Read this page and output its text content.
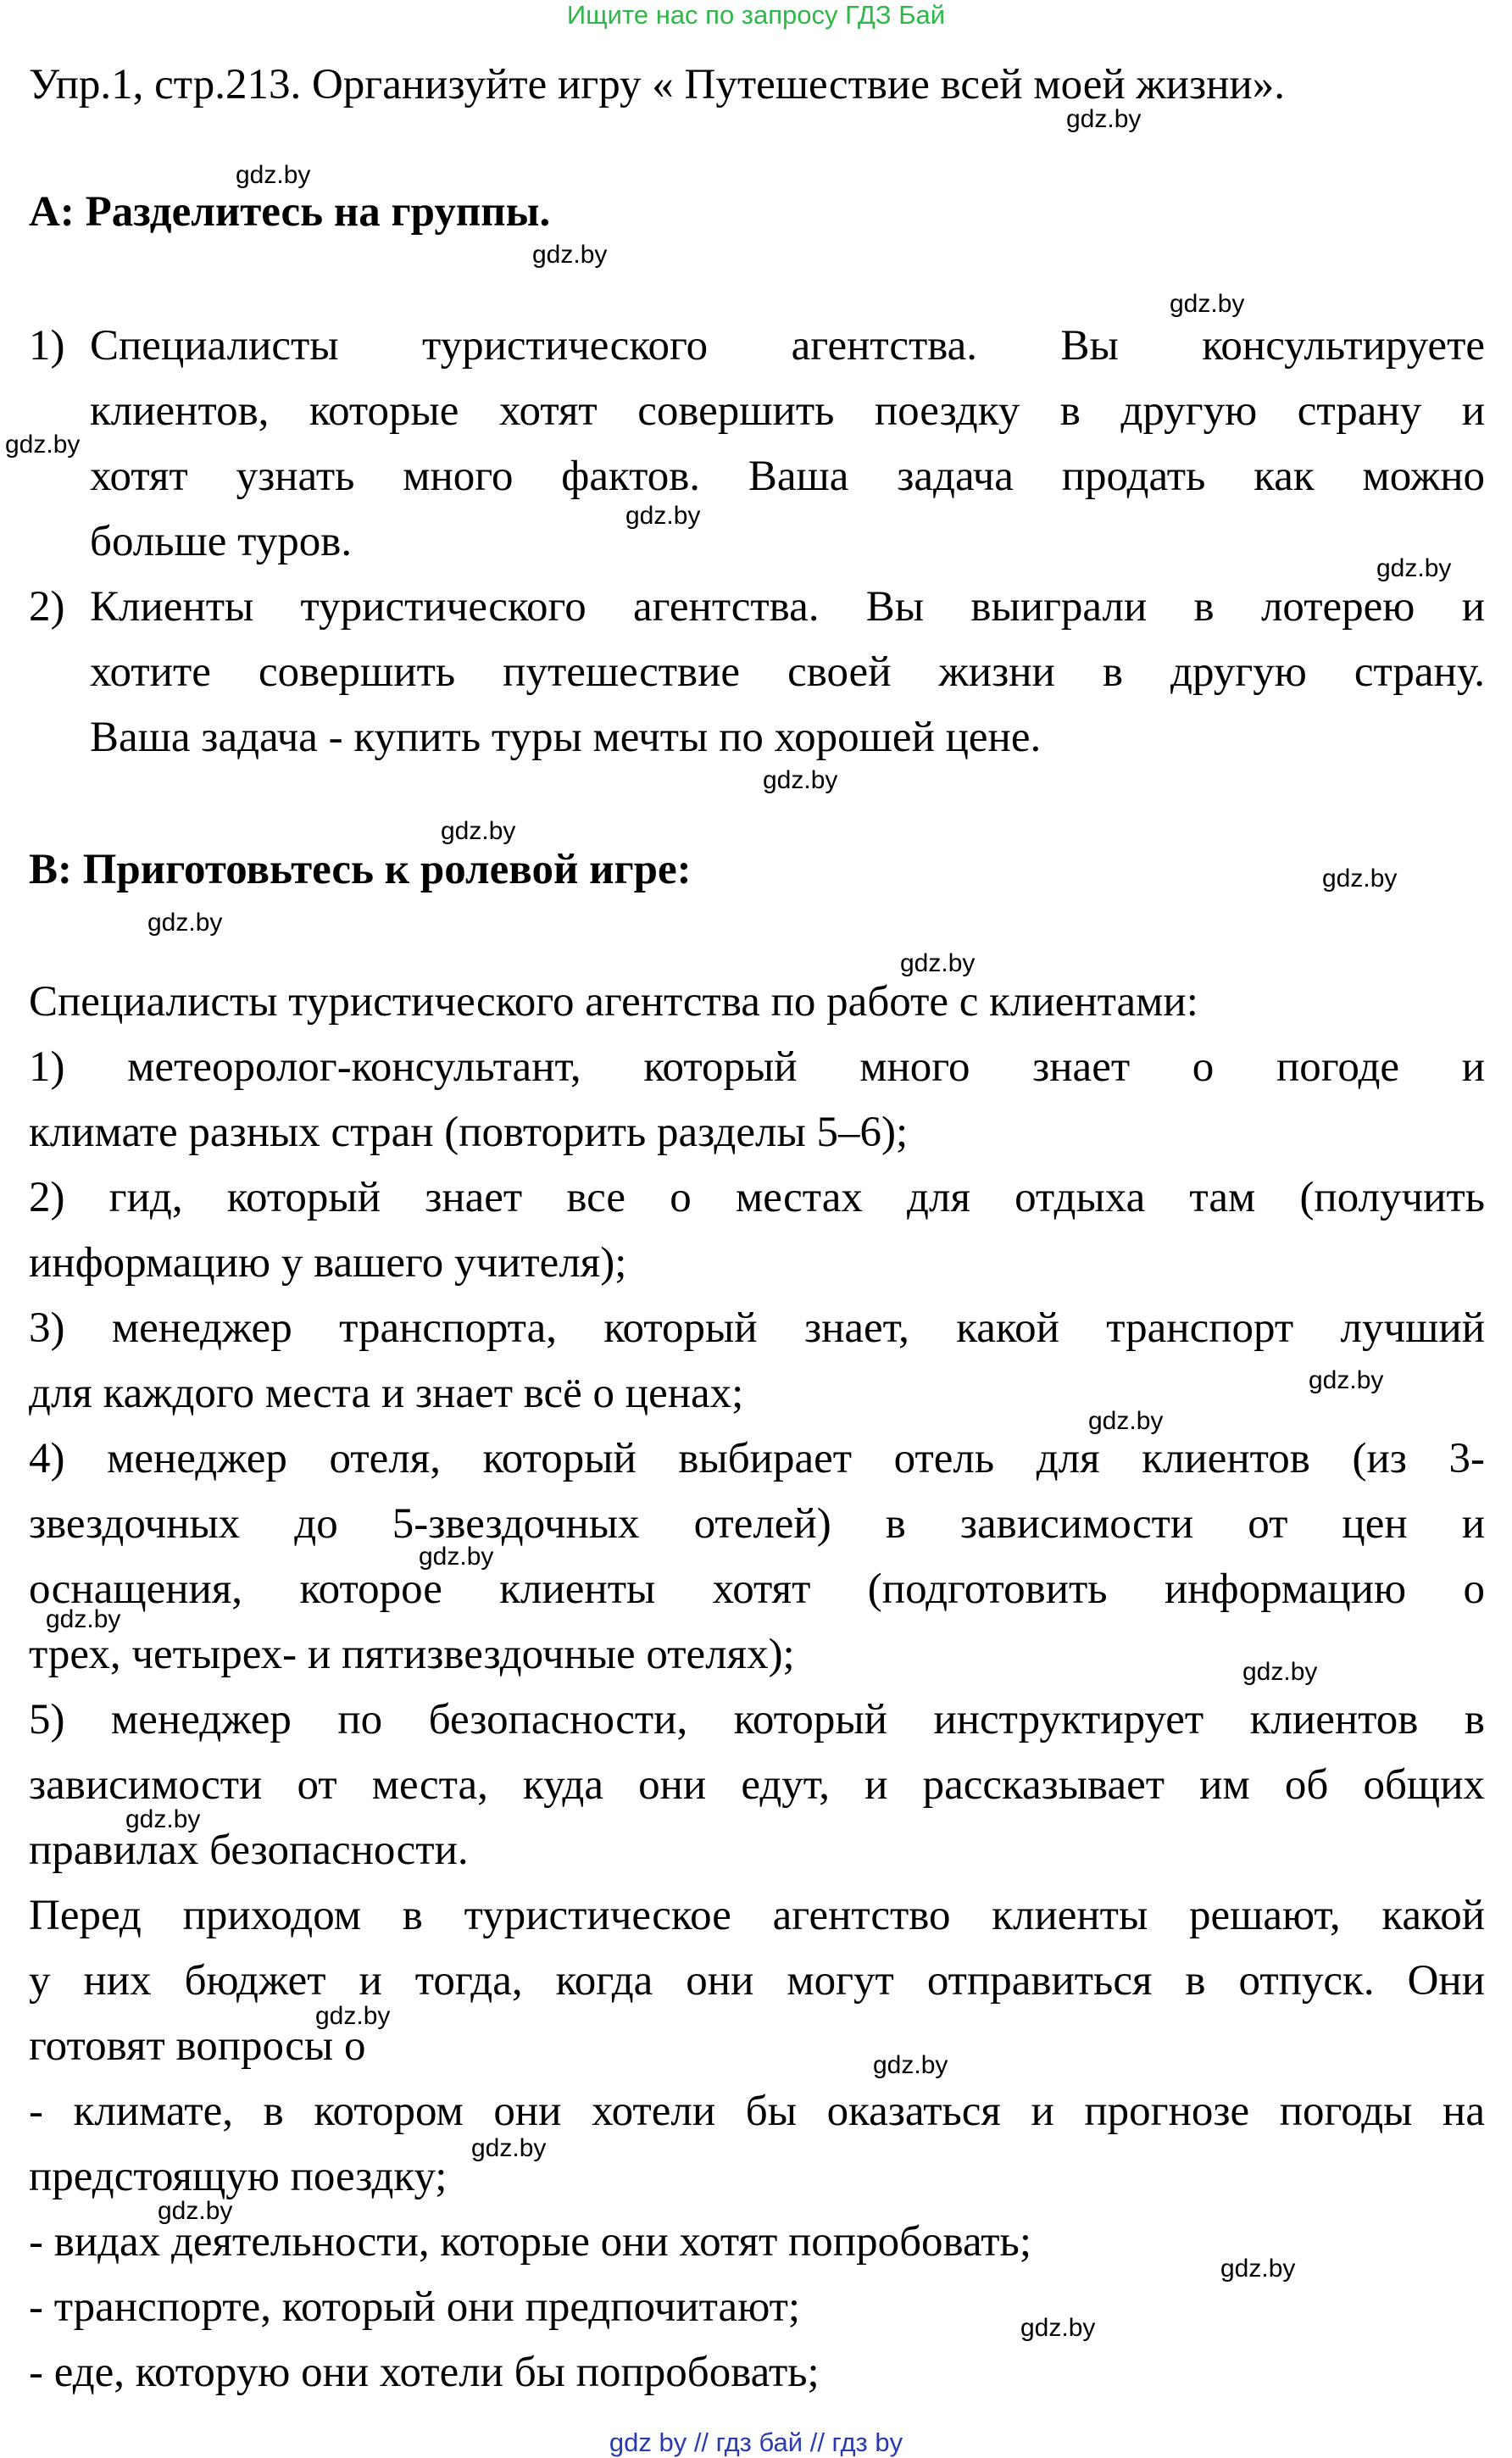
Ищите нас по запросу ГДЗ Бай
Упр.1, стр.213. Организуйте игру « Путешествие всей моей жизни».
A: Разделитесь на группы.
1) Специалисты туристического агентства. Вы консультируете
клиентов, которые хотят совершить поездку в другую страну и
хотят узнать много фактов. Ваша задача продать как можно
больше туров.
2) Клиенты туристического агентства. Вы выиграли в лотерею и
хотите совершить путешествие своей жизни в другую страну.
Ваша задача - купить туры мечты по хорошей цене.
B: Приготовьтесь к ролевой игре:
Специалисты туристического агентства по работе с клиентами:
1) метеоролог-консультант, который много знает о погоде и
климате разных стран (повторить разделы 5–6);
2) гид, который знает все о местах для отдыха там (получить
информацию у вашего учителя);
3) менеджер транспорта, который знает, какой транспорт лучший
для каждого места и знает всё о ценах;
4) менеджер отеля, который выбирает отель для клиентов (из 3-
звездочных до 5-звездочных отелей) в зависимости от цен и
оснащения, которое клиенты хотят (подготовить информацию о
трех, четырех- и пятизвездочные отелях);
5) менеджер по безопасности, который инструктирует клиентов в
зависимости от места, куда они едут, и рассказывает им об общих
правилах безопасности.
Перед приходом в туристическое агентство клиенты решают, какой
у них бюджет и тогда, когда они могут отправиться в отпуск. Они
готовят вопросы о
- климате, в котором они хотели бы оказаться и прогнозе погоды на
предстоящую поездку;
- видах деятельности, которые они хотят попробовать;
- транспорте, который они предпочитают;
- еде, которую они хотели бы попробовать;
gdz.by
gdz.by
gdz.by
gdz.by
gdz.by
gdz.by
gdz.by
gdz.by
gdz.by
gdz.by
gdz.by
gdz.by
gdz.by
gdz.by
gdz.by
gdz.by
gdz.by
gdz.by
gdz.by
gdz.by
gdz.by
gdz.by
gdz.by
gdz.by
gdz by // гдз бай // гдз by
